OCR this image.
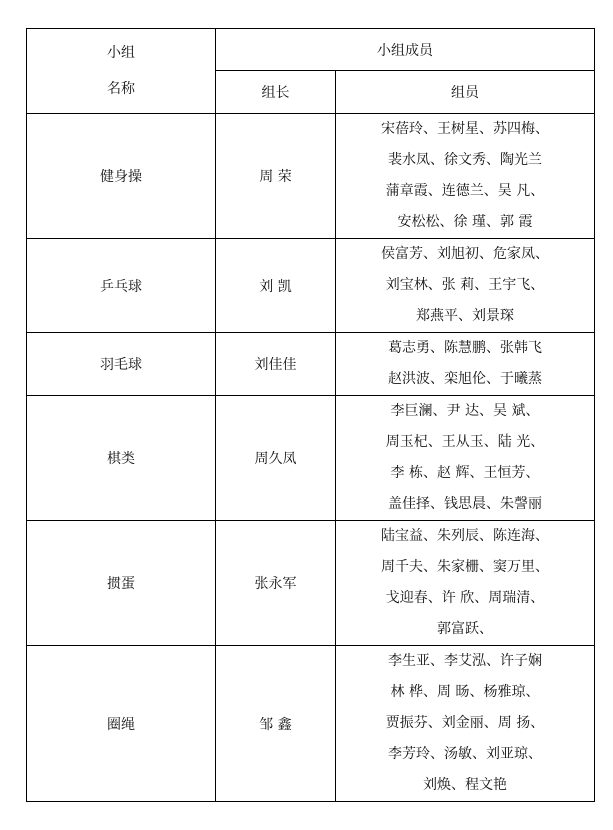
小组
名称	小组成员	
	组长	组员
健身操	周 荣	宋蓓玲、王树星、苏四梅、
裴水凤、徐文秀、陶光兰
蒲章霞、连德兰、吴 凡、
安松松、徐 瑾、郭 霞

乒乓球	刘 凯	侯富芳、刘旭初、危家凤、
刘宝林、张 莉、王宇飞、
郑燕平、刘景琛

羽毛球	刘佳佳	葛志勇、陈慧鹏、张韩飞
赵洪波、栾旭伦、于曦蒸

棋类	周久凤	李巨澜、尹 达、吴 斌、
周玉杞、王从玉、陆 光、
李 栋、赵 辉、王恒芳、
盖佳择、钱思晨、朱謦丽

掼蛋	张永军	陆宝益、朱列辰、陈连海、
周千夫、朱家栅、窦万里、
戈迎春、许 欣、周瑞清、
郭富跃、

圈绳	邹 鑫	李生亚、李艾泓、许子娴
林 桦、周 旸、杨雅琼、
贾振芬、刘金丽、周 扬、
李芳玲、汤敏、刘亚琼、
刘焕、程文艳
